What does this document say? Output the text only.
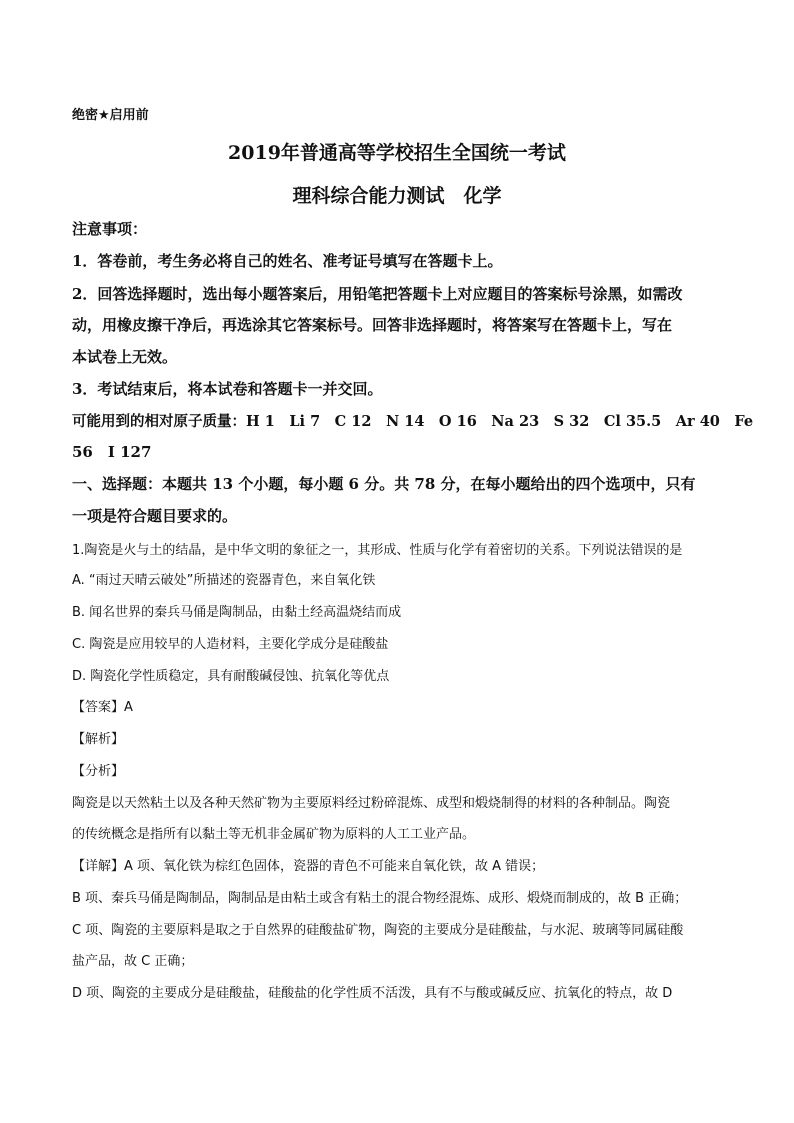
绝密★启用前
2019年普通高等学校招生全国统一考试
理科综合能力测试　化学
注意事项：
1．答卷前，考生务必将自己的姓名、准考证号填写在答题卡上。
2．回答选择题时，选出每小题答案后，用铅笔把答题卡上对应题目的答案标号涂黑，如需改
动，用橡皮擦干净后，再选涂其它答案标号。回答非选择题时，将答案写在答题卡上，写在
本试卷上无效。
3．考试结束后，将本试卷和答题卡一并交回。
可能用到的相对原子质量：H 1　Li 7　C 12　N 14　O 16　Na 23　S 32　Cl 35.5　Ar 40　Fe
56　I 127
一、选择题：本题共 13 个小题，每小题 6 分。共 78 分，在每小题给出的四个选项中，只有
一项是符合题目要求的。
1.陶瓷是火与土的结晶，是中华文明的象征之一，其形成、性质与化学有着密切的关系。下列说法错误的是
A. “雨过天晴云破处”所描述的瓷器青色，来自氧化铁
B. 闻名世界的秦兵马俑是陶制品，由黏土经高温烧结而成
C. 陶瓷是应用较早的人造材料，主要化学成分是硅酸盐
D. 陶瓷化学性质稳定，具有耐酸碱侵蚀、抗氧化等优点
【答案】A
【解析】
【分析】
陶瓷是以天然粘土以及各种天然矿物为主要原料经过粉碎混炼、成型和煅烧制得的材料的各种制品。陶瓷
的传统概念是指所有以黏土等无机非金属矿物为原料的人工工业产品。
【详解】A 项、氧化铁为棕红色固体，瓷器的青色不可能来自氧化铁，故 A 错误；
B 项、秦兵马俑是陶制品，陶制品是由粘土或含有粘土的混合物经混炼、成形、煅烧而制成的，故 B 正确；
C 项、陶瓷的主要原料是取之于自然界的硅酸盐矿物，陶瓷的主要成分是硅酸盐，与水泥、玻璃等同属硅酸
盐产品，故 C 正确；
D 项、陶瓷的主要成分是硅酸盐，硅酸盐的化学性质不活泼，具有不与酸或碱反应、抗氧化的特点，故 D
